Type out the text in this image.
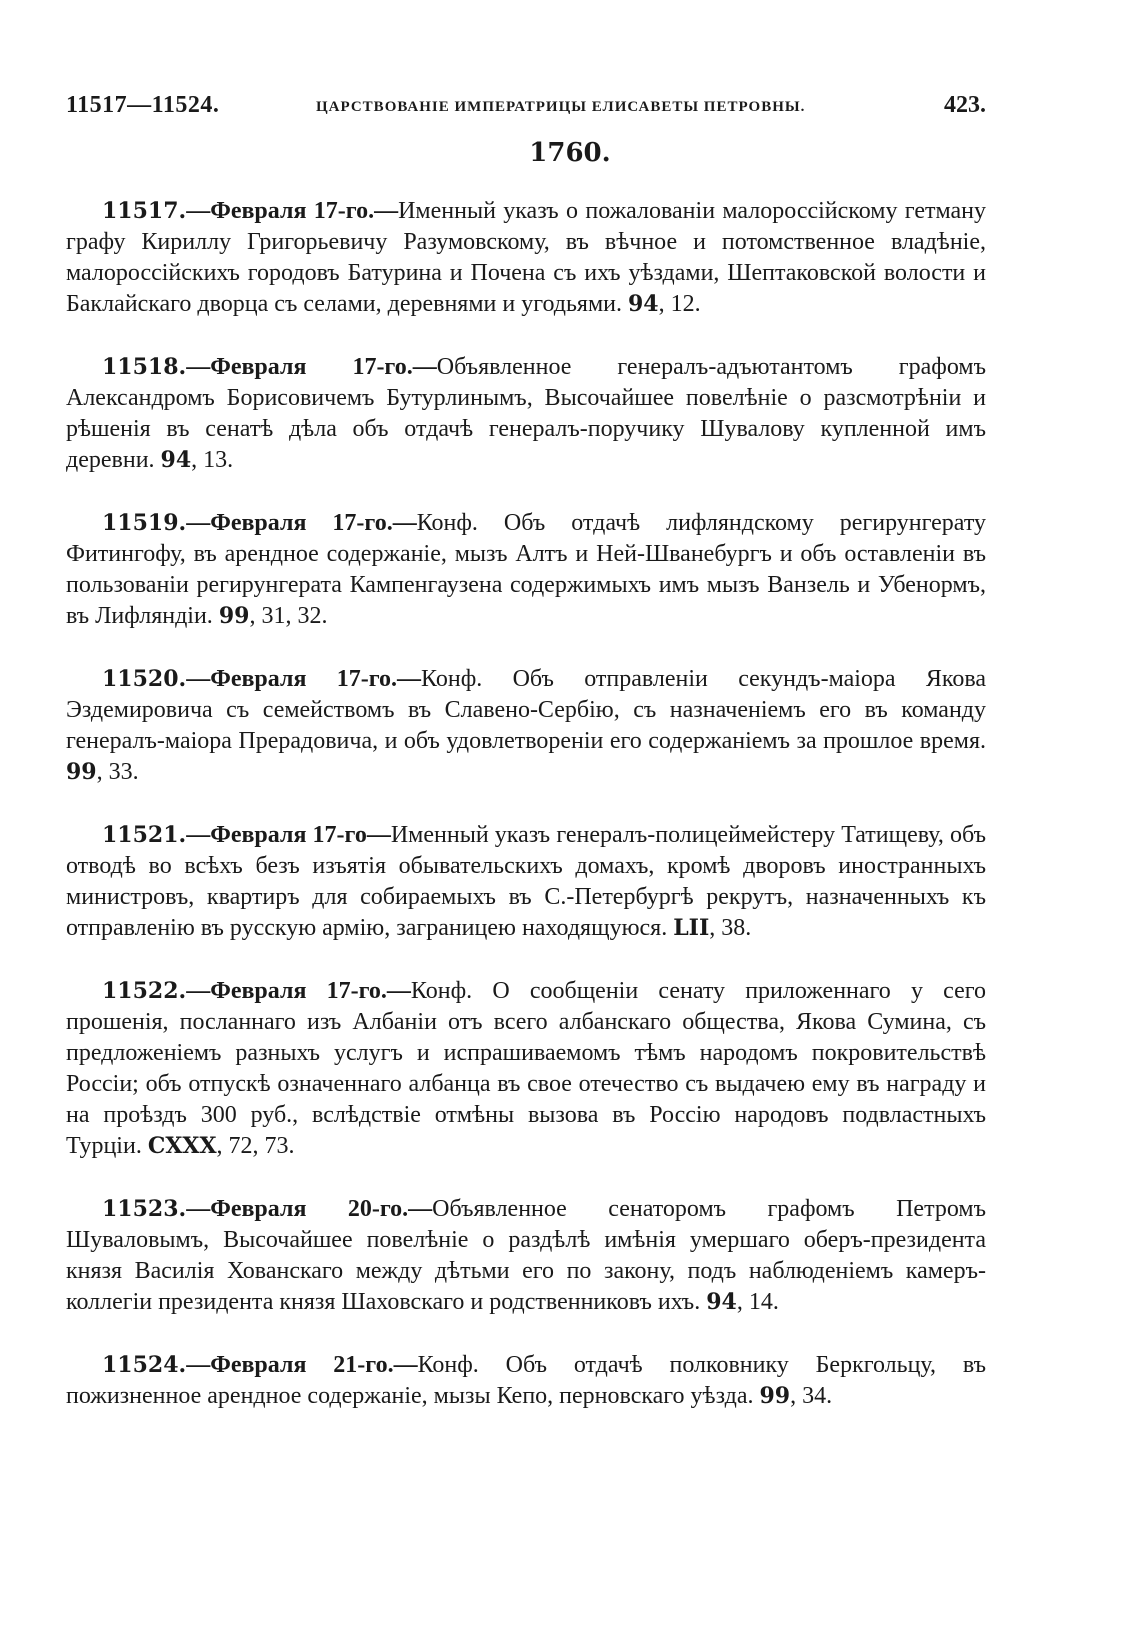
11517—11524.	ЦАРСТВОВАНІЕ ИМПЕРАТРИЦЫ ЕЛИСАВЕТЫ ПЕТРОВНЫ.	423.
1760.

11517.—Февраля 17-го.—Именный указъ о пожалованіи малороссійскому гетману графу Кириллу Григорьевичу Разумовскому, въ вѣчное и потомственное владѣніе, малороссійскихъ городовъ Батурина и Почена съ ихъ уѣздами, Шептаковской волости и Баклайскаго дворца съ селами, деревнями и угодьями. 94, 12.

11518.—Февраля 17-го.—Объявленное генералъ-адъютантомъ графомъ Александромъ Борисовичемъ Бутурлинымъ, Высочайшее повелѣніе о разсмотрѣніи и рѣшенія въ сенатѣ дѣла объ отдачѣ генералъ-поручику Шувалову купленной имъ деревни. 94, 13.

11519.—Февраля 17-го.—Конф. Объ отдачѣ лифляндскому регирунгерату Фитингофу, въ арендное содержаніе, мызъ Алтъ и Ней-Шванебургъ и объ оставленіи въ пользованіи регирунгерата Кампенгаузена содержимыхъ имъ мызъ Ванзель и Убенормъ, въ Лифляндіи. 99, 31, 32.

11520.—Февраля 17-го.—Конф. Объ отправленіи секундъ-маіора Якова Эздемировича съ семействомъ въ Славено-Сербію, съ назначеніемъ его въ команду генералъ-маіора Прерадовича, и объ удовлетвореніи его содержаніемъ за прошлое время. 99, 33.

11521.—Февраля 17-го—Именный указъ генералъ-полицеймейстеру Татищеву, объ отводѣ во всѣхъ безъ изъятія обывательскихъ домахъ, кромѣ дворовъ иностранныхъ министровъ, квартиръ для собираемыхъ въ С.-Петербургѣ рекрутъ, назначенныхъ къ отправленію въ русскую армію, заграницею находящуюся. LII, 38.

11522.—Февраля 17-го.—Конф. О сообщеніи сенату приложеннаго у сего прошенія, посланнаго изъ Албаніи отъ всего албанскаго общества, Якова Сумина, съ предложеніемъ разныхъ услугъ и испрашиваемомъ тѣмъ народомъ покровительствѣ Россіи; объ отпускѣ означеннаго албанца въ свое отечество съ выдачею ему въ награду и на проѣздъ 300 руб., вслѣдствіе отмѣны вызова въ Россію народовъ подвластныхъ Турціи. CXXX, 72, 73.

11523.—Февраля 20-го.—Объявленное сенаторомъ графомъ Петромъ Шуваловымъ, Высочайшее повелѣніе о раздѣлѣ имѣнія умершаго оберъ-президента князя Василія Хованскаго между дѣтьми его по закону, подъ наблюденіемъ камеръ-коллегіи президента князя Шаховскаго и родственниковъ ихъ. 94, 14.

11524.—Февраля 21-го.—Конф. Объ отдачѣ полковнику Беркгольцу, въ пожизненное арендное содержаніе, мызы Кепо, перновскаго уѣзда. 99, 34.
